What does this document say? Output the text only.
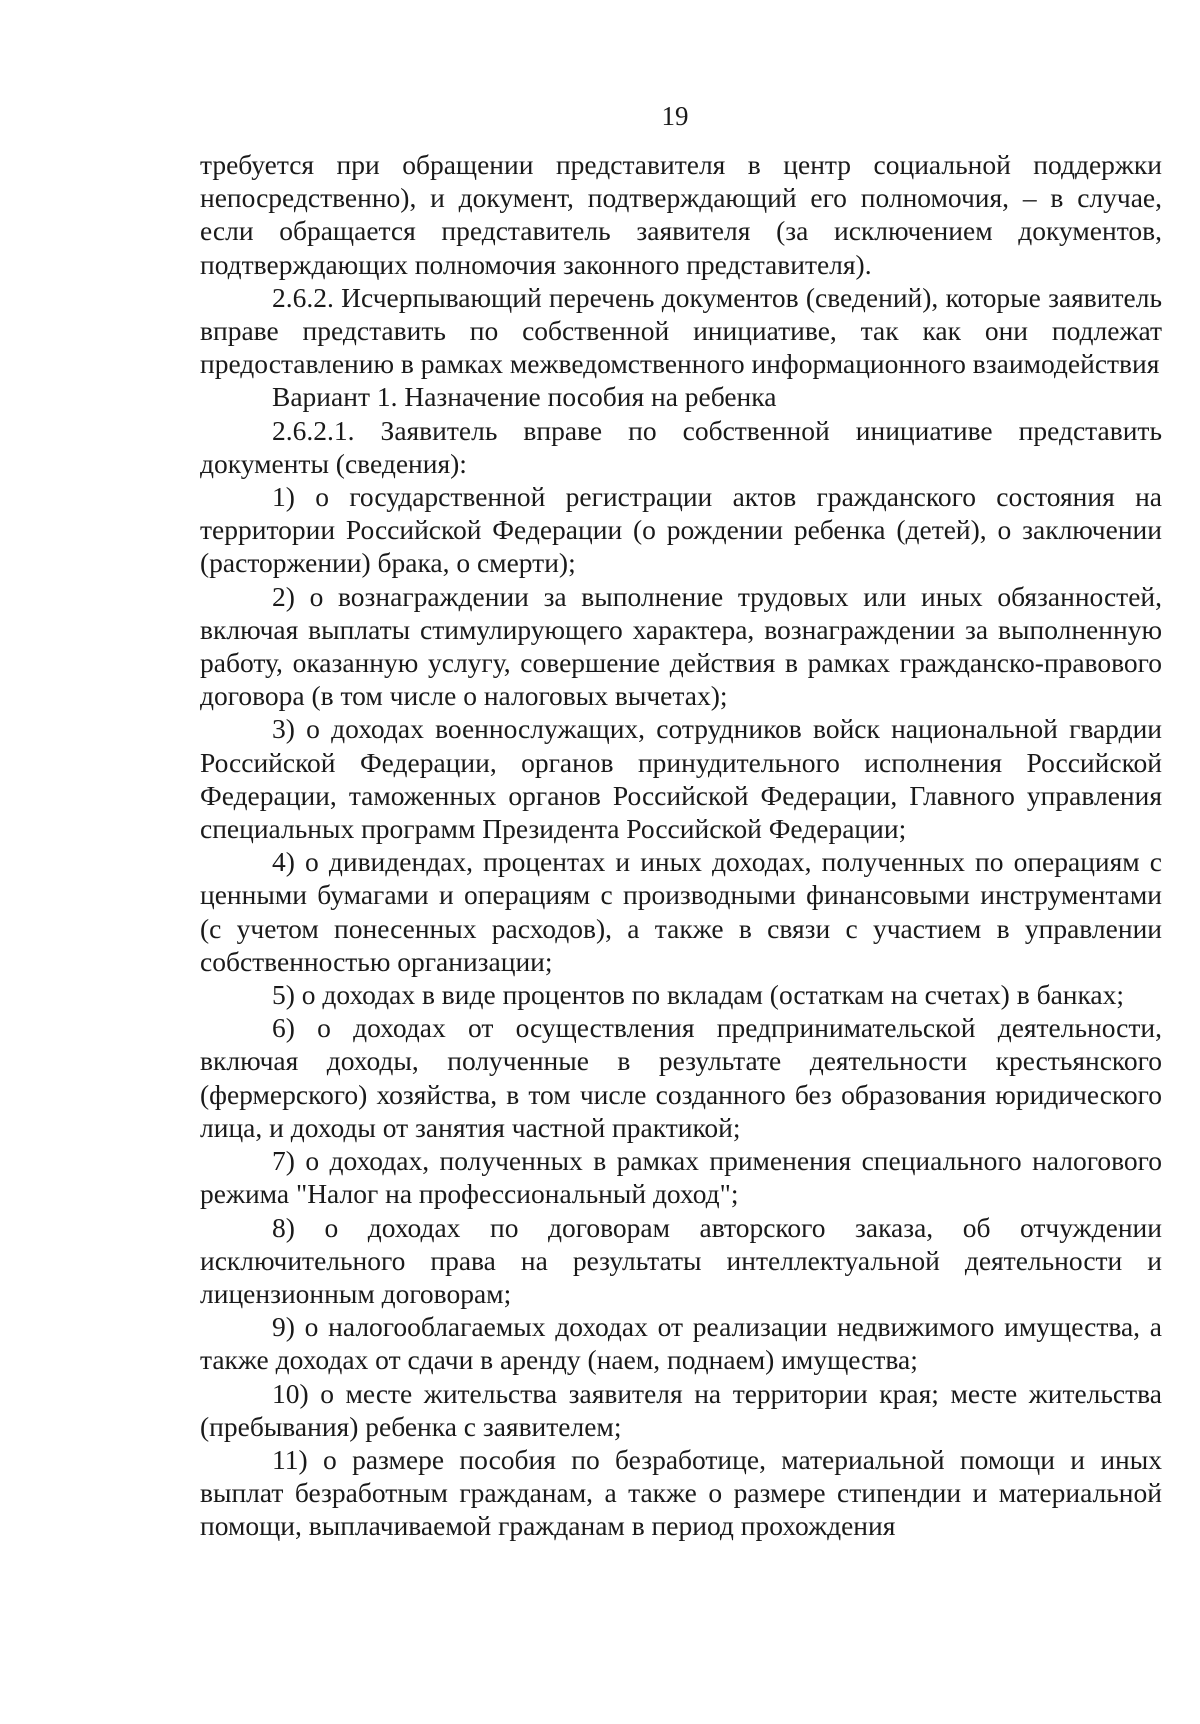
19

требуется при обращении представителя в центр социальной поддержки непосредственно), и документ, подтверждающий его полномочия, – в случае, если обращается представитель заявителя (за исключением документов, подтверждающих полномочия законного представителя).

2.6.2. Исчерпывающий перечень документов (сведений), которые заявитель вправе представить по собственной инициативе, так как они подлежат предоставлению в рамках межведомственного информационного взаимодействия

Вариант 1. Назначение пособия на ребенка

2.6.2.1. Заявитель вправе по собственной инициативе представить документы (сведения):

1) о государственной регистрации актов гражданского состояния на территории Российской Федерации (о рождении ребенка (детей), о заключении (расторжении) брака, о смерти);

2) о вознаграждении за выполнение трудовых или иных обязанностей, включая выплаты стимулирующего характера, вознаграждении за выполненную работу, оказанную услугу, совершение действия в рамках гражданско-правового договора (в том числе о налоговых вычетах);

3) о доходах военнослужащих, сотрудников войск национальной гвардии Российской Федерации, органов принудительного исполнения Российской Федерации, таможенных органов Российской Федерации, Главного управления специальных программ Президента Российской Федерации;

4) о дивидендах, процентах и иных доходах, полученных по операциям с ценными бумагами и операциям с производными финансовыми инструментами (с учетом понесенных расходов), а также в связи с участием в управлении собственностью организации;

5) о доходах в виде процентов по вкладам (остаткам на счетах) в банках;

6) о доходах от осуществления предпринимательской деятельности, включая доходы, полученные в результате деятельности крестьянского (фермерского) хозяйства, в том числе созданного без образования юридического лица, и доходы от занятия частной практикой;

7) о доходах, полученных в рамках применения специального налогового режима "Налог на профессиональный доход";

8) о доходах по договорам авторского заказа, об отчуждении исключительного права на результаты интеллектуальной деятельности и лицензионным договорам;

9) о налогооблагаемых доходах от реализации недвижимого имущества, а также доходах от сдачи в аренду (наем, поднаем) имущества;

10) о месте жительства заявителя на территории края; месте жительства (пребывания) ребенка с заявителем;

11) о размере пособия по безработице, материальной помощи и иных выплат безработным гражданам, а также о размере стипендии и материальной помощи, выплачиваемой гражданам в период прохождения
